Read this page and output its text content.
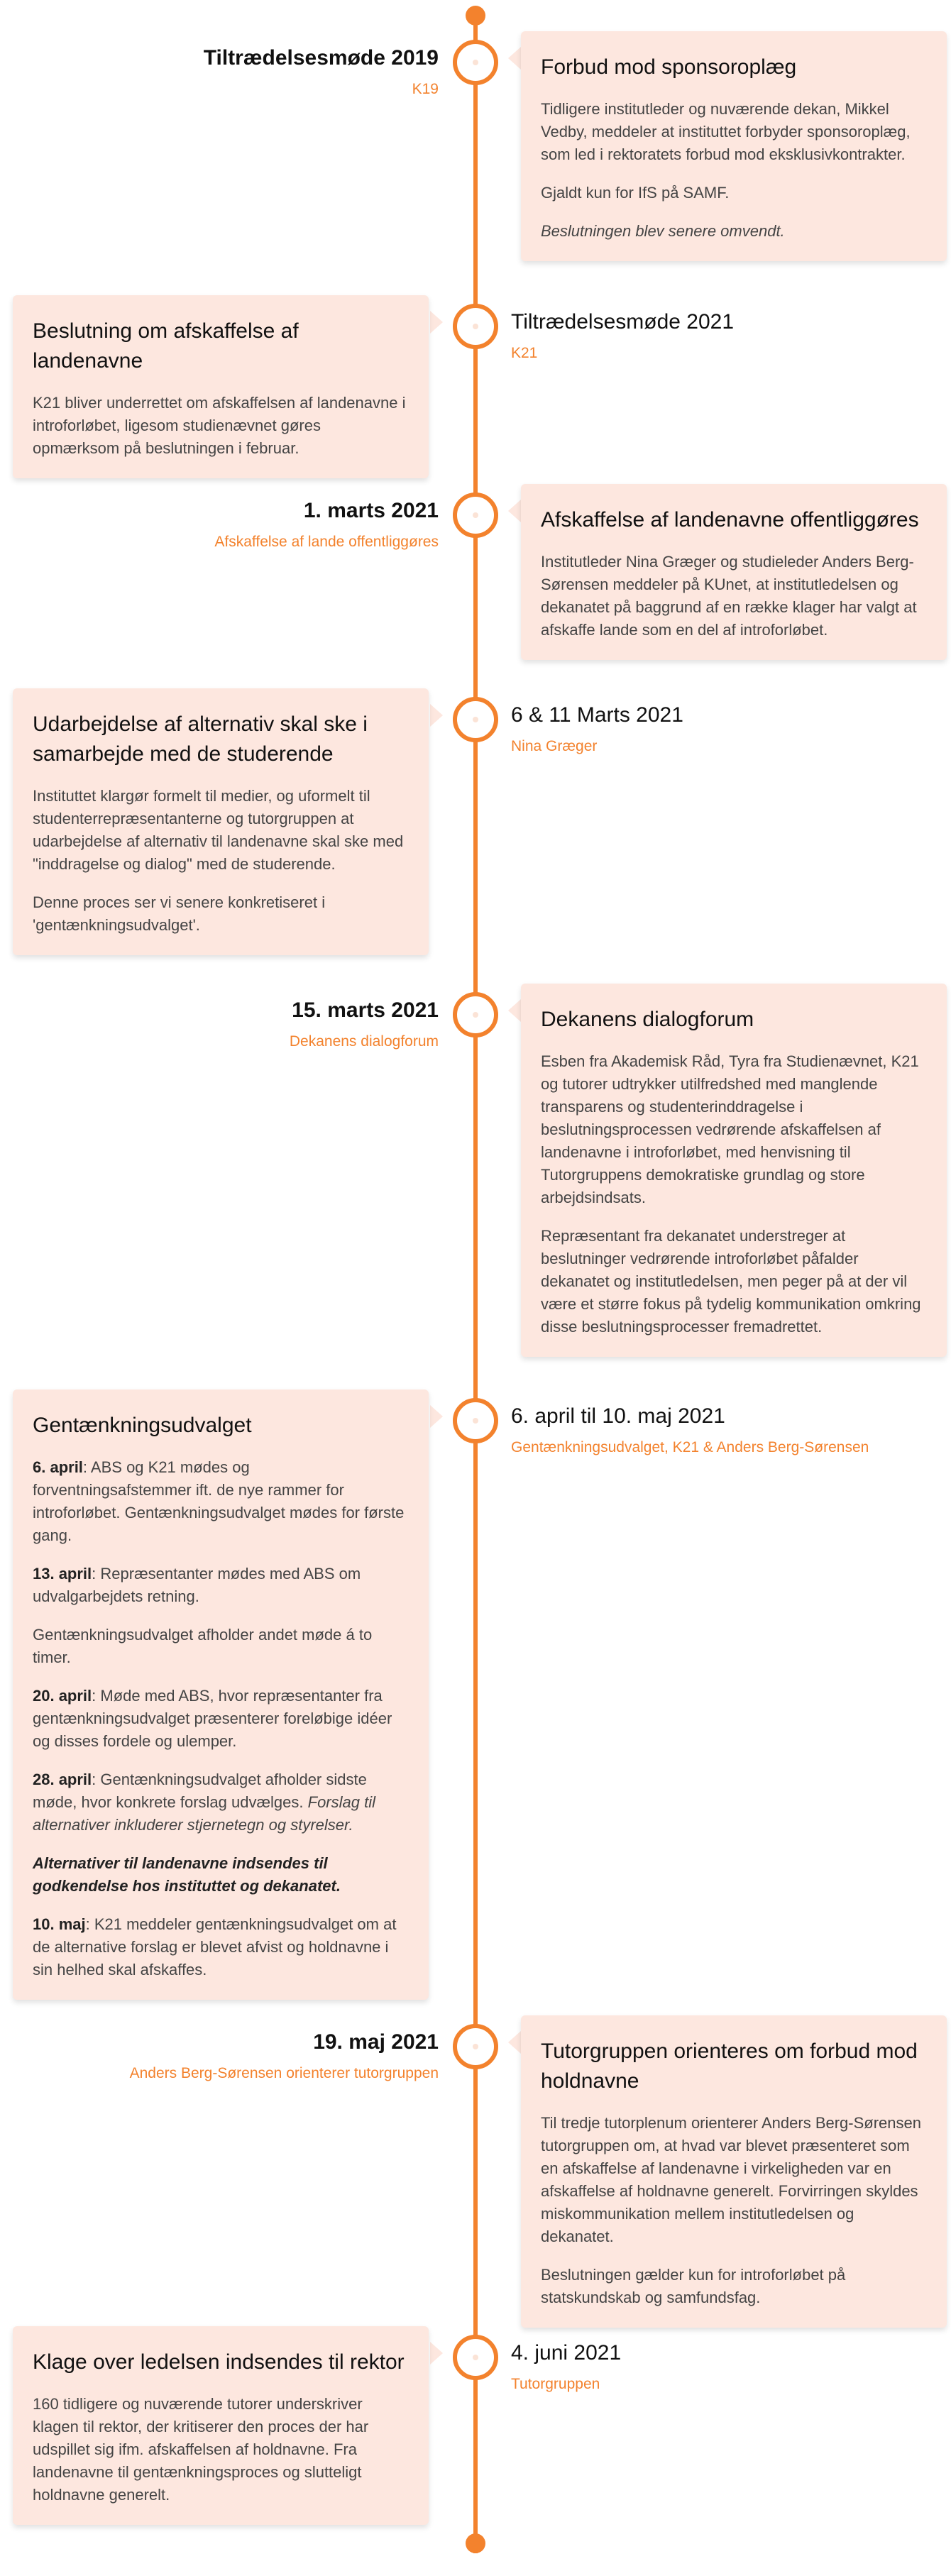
Tiltrædelsesmøde 2019
K19
Forbud mod sponsoroplæg

Tidligere institutleder og nuværende dekan, Mikkel Vedby, meddeler at instituttet forbyder sponsoroplæg, som led i rektoratets forbud mod eksklusivkontrakter.

Gjaldt kun for IfS på SAMF.

Beslutningen blev senere omvendt.

Tiltrædelsesmøde 2021
K21
Beslutning om afskaffelse af landenavne

K21 bliver underrettet om afskaffelsen af landenavne i introforløbet, ligesom studienævnet gøres opmærksom på beslutningen i februar.

1. marts 2021
Afskaffelse af lande offentliggøres
Afskaffelse af landenavne offentliggøres

Institutleder Nina Græger og studieleder Anders Berg-Sørensen meddeler på KUnet, at institutledelsen og dekanatet på baggrund af en række klager har valgt at afskaffe lande som en del af introforløbet.

6 & 11 Marts 2021
Nina Græger
Udarbejdelse af alternativ skal ske i samarbejde med de studerende

Instituttet klargør formelt til medier, og uformelt til studenterrepræsentanterne og tutorgruppen at udarbejdelse af alternativ til landenavne skal ske med "inddragelse og dialog" med de studerende.

Denne proces ser vi senere konkretiseret i 'gentænkningsudvalget'.

15. marts 2021
Dekanens dialogforum
Dekanens dialogforum

Esben fra Akademisk Råd, Tyra fra Studienævnet, K21 og tutorer udtrykker utilfredshed med manglende transparens og studenterinddragelse i beslutningsprocessen vedrørende afskaffelsen af landenavne i introforløbet, med henvisning til Tutorgruppens demokratiske grundlag og store arbejdsindsats.

Repræsentant fra dekanatet understreger at beslutninger vedrørende introforløbet påfalder dekanatet og institutledelsen, men peger på at der vil være et større fokus på tydelig kommunikation omkring disse beslutningsprocesser fremadrettet.

6. april til 10. maj 2021
Gentænkningsudvalget, K21 & Anders Berg-Sørensen
Gentænkningsudvalget

6. april: ABS og K21 mødes og forventningsafstemmer ift. de nye rammer for introforløbet. Gentænkningsudvalget mødes for første gang.

13. april: Repræsentanter mødes med ABS om udvalgarbejdets retning.

Gentænkningsudvalget afholder andet møde á to timer.

20. april: Møde med ABS, hvor repræsentanter fra gentænkningsudvalget præsenterer foreløbige idéer og disses fordele og ulemper.

28. april: Gentænkningsudvalget afholder sidste møde, hvor konkrete forslag udvælges. Forslag til alternativer inkluderer stjernetegn og styrelser.

Alternativer til landenavne indsendes til godkendelse hos instituttet og dekanatet.

10. maj: K21 meddeler gentænkningsudvalget om at de alternative forslag er blevet afvist og holdnavne i sin helhed skal afskaffes.

19. maj 2021
Anders Berg-Sørensen orienterer tutorgruppen
Tutorgruppen orienteres om forbud mod holdnavne

Til tredje tutorplenum orienterer Anders Berg-Sørensen tutorgruppen om, at hvad var blevet præsenteret som en afskaffelse af landenavne i virkeligheden var en afskaffelse af holdnavne generelt. Forvirringen skyldes miskommunikation mellem institutledelsen og dekanatet.

Beslutningen gælder kun for introforløbet på statskundskab og samfundsfag.

4. juni 2021
Tutorgruppen
Klage over ledelsen indsendes til rektor

160 tidligere og nuværende tutorer underskriver klagen til rektor, der kritiserer den proces der har udspillet sig ifm. afskaffelsen af holdnavne. Fra landenavne til gentænkningsproces og slutteligt holdnavne generelt.
